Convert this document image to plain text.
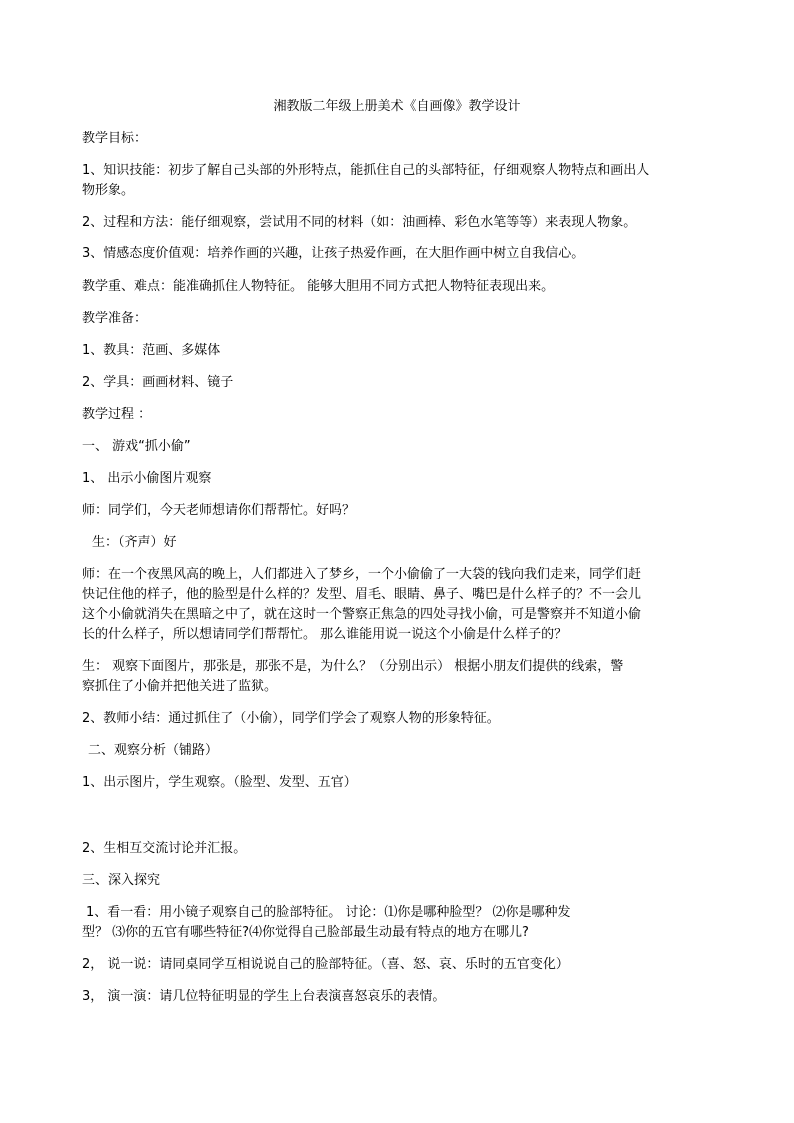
湘教版二年级上册美术《自画像》教学设计

教学目标：

1、知识技能：初步了解自己头部的外形特点，能抓住自己的头部特征，仔细观察人物特点和画出人

物形象。

2、过程和方法：能仔细观察，尝试用不同的材料（如：油画棒、彩色水笔等等）来表现人物象。

3、情感态度价值观：培养作画的兴趣，让孩子热爱作画，在大胆作画中树立自我信心。

教学重、难点：能准确抓住人物特征。 能够大胆用不同方式把人物特征表现出来。

教学准备：

1、教具：范画、多媒体

2、学具：画画材料、镜子

教学过程 ：

一、 游戏“抓小偷”

1、 出示小偷图片观察

师：同学们，今天老师想请你们帮帮忙。好吗？

生：（齐声）好

师：在一个夜黑风高的晚上，人们都进入了梦乡，一个小偷偷了一大袋的钱向我们走来，同学们赶

快记住他的样子，他的脸型是什么样的？发型、眉毛、眼睛、鼻子、嘴巴是什么样子的？不一会儿

这个小偷就消失在黑暗之中了，就在这时一个警察正焦急的四处寻找小偷，可是警察并不知道小偷

长的什么样子，所以想请同学们帮帮忙。 那么谁能用说一说这个小偷是什么样子的？

生： 观察下面图片，那张是，那张不是，为什么？（分别出示） 根据小朋友们提供的线索，警

察抓住了小偷并把他关进了监狱。

2、教师小结：通过抓住了（小偷），同学们学会了观察人物的形象特征。

二、观察分析（铺路）

1、出示图片，学生观察。（脸型、发型、五官）

2、生相互交流讨论并汇报。

三、深入探究

1、看一看：用小镜子观察自己的脸部特征。 讨论：⑴你是哪种脸型？ ⑵你是哪种发

型？ ⑶你的五官有哪些特征?⑷你觉得自己脸部最生动最有特点的地方在哪儿?

2， 说一说：请同桌同学互相说说自己的脸部特征。（喜、怒、哀、乐时的五官变化）

3， 演一演：请几位特征明显的学生上台表演喜怒哀乐的表情。
